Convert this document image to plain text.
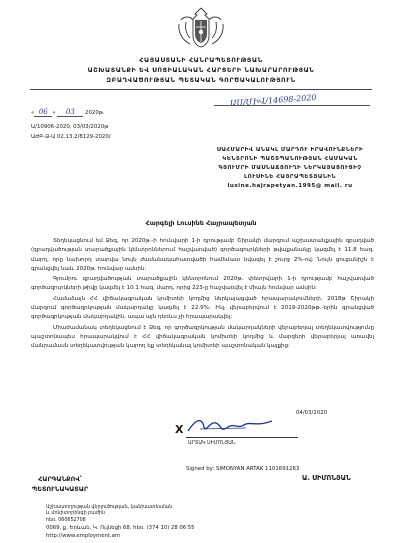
ՀԱՅԱՍՏԱՆԻ ՀԱՆՐԱՊԵՏՈՒԹՅԱՆ
ԱՇԽԱՏԱՆՔԻ ԵՎ ՍՈՑԻԱԼԱԿԱՆ ՀԱՐՑԵՐԻ ՆԱԽԱՐԱՐՈՒԹՅԱՆ
ԶԲԱՂՎԱԾՈՒԹՅԱՆ ՊԵՏԱԿԱՆ ԳՈՐԾԱԿԱԼՈՒԹՅՈՒՆ
« 06 » 03 2020թ.
ԱՍ/ՄԻՎ/14698-2020
Ա/10906-2020, 03/03/2020թ
ԱԺԲ-Ձ-Ա 02.13.2/8129-2020/
ՍԱՀՄԱՐԻՎ ԱՆԱԿԼ ՄԱՐԴՈՒ ԻՐԱՎՈՒՆՔՆԵՐԻ
ԿԵՆՏՐՈՆԻ ՊԱՇՏՊԱՆՈՒԹՅԱՆ ՀԱՄԱԿԱՆ
ԳՅՈՒՄՐԻ ՄԱՍՆԱՃՅՈՒՂԻ ՆԵՐԿԱՅԱՑՈՒՑԻՉ
ԼՈՒՍԻՆԵ ՀԱՅՐԱՊԵՏՅԱՆԻՆ
lusine.hajrapetyan.1995@ mail. ru
Հարգելի Լուսինե Հայրապետյան

Տեղեկացնում եմ Ձեզ, որ 2020թ.-ի հունվարի 1-ի դրությամբ Շիրակի մարզում աշխատանքային զբաղված (զբաղվածության տարածքային կենտրոններում հաշվառված) գործազուրկների թվաքանակը կազմել է 11.8 հազ. մարդ, որը նախորդ տարվա նույն ժամանակահատվածի համեմատ նվազել է շուրջ 2%-ով: Նույն ցուցանիշն է գրանցվել նաև 2020թ. հունվար ամսին:

Գյումրու զբաղվածության տարածքային կենտրոնում 2020թ. փետրվարի 1-ի դրությամբ հաշվառված գործազուրկների թիվը կազմել է 10.1 հազ. մարդ, որից 223-ը հաշվառվել է միայն հունվար ամսին:

Համաձայն ՀՀ վիճակագրական կոմիտեի կողմից ներկայացված հրապարակումների, 2018թ Շիրակի մարզում գործազրկության մակարդակը կազմել է 22.9%: Ինչ վերաբերվում է 2019-2020թթ.-երին գրանցված գործազրկության մակարդակին, ապա այն դեռևս չի հրապարակվել:

Միաժամանակ տեղեկացնում է Ձեզ, որ գործազրկության մակարդակների վերաբերյալ տեղեկատվությունը պաշտոնապես հրապարակվում է ՀՀ վիճակագրական կոմիտեի կողմից և մարզերի վերաբերյալ առավել մանրամասն տեղեկատվության կարող եք տեղեկանալ կոմիտեի պաշտոնական կայքից:

04/03/2020
X
ԱՐՏԱԿ ՍԻՄՈՆՅԱՆ
Signed by: SIMONYAN ARTAK 1101691263
ՀԱՐԳԱՆՔՈՎ՝
ՊԵՏՈՒՆԱԿԱՏԱՐ
Ա. ՍԻՄՈՆՅԱՆ
Աշխատողության վերլուծության, կանխատեսման
և մոնիտորինգի բաժին
հեռ. 060652708
0069, ք. Երևան, Կ. Ուլնեցի 68, հեռ. (374 10) 28 06 55
http://www.employment.am
